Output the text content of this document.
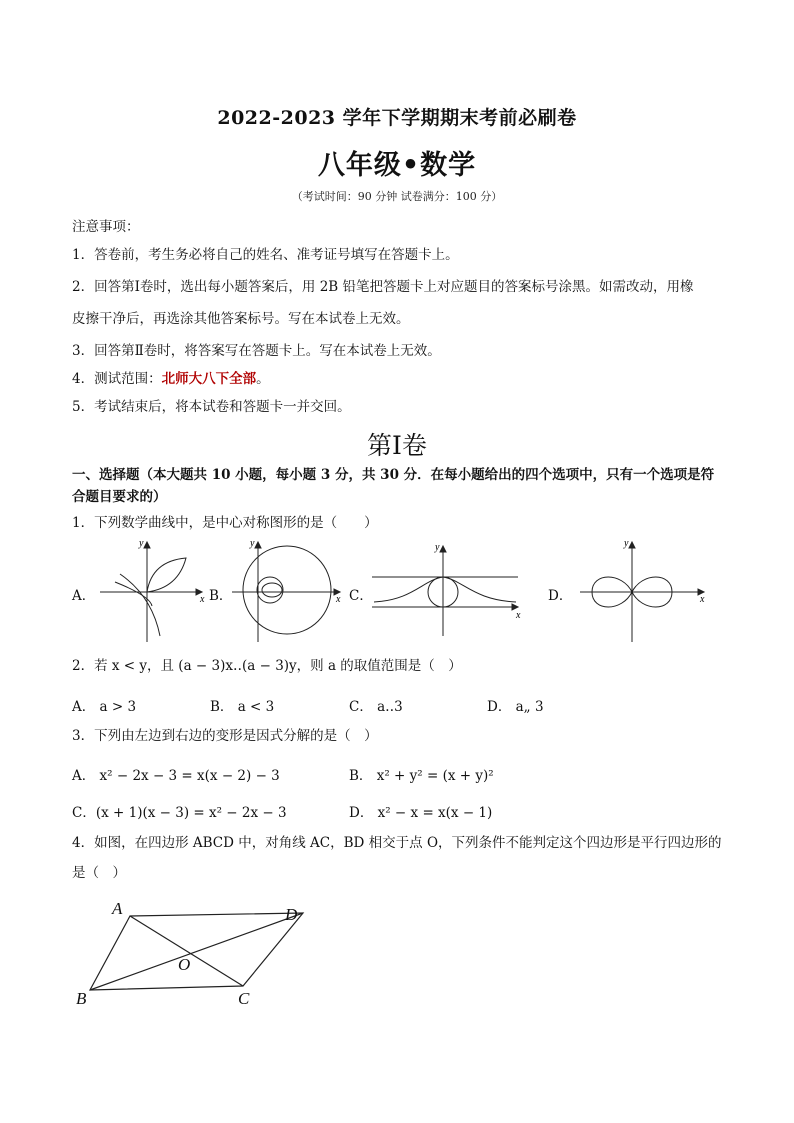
2022-2023 学年下学期期末考前必刷卷
八年级•数学
（考试时间：90 分钟 试卷满分：100 分）
注意事项：
1．答卷前，考生务必将自己的姓名、准考证号填写在答题卡上。
2．回答第Ⅰ卷时，选出每小题答案后，用 2B 铅笔把答题卡上对应题目的答案标号涂黑。如需改动，用橡
皮擦干净后，再选涂其他答案标号。写在本试卷上无效。
3．回答第Ⅱ卷时，将答案写在答题卡上。写在本试卷上无效。
4．测试范围：北师大八下全部。
5．考试结束后，将本试卷和答题卡一并交回。
第Ⅰ卷
一、选择题（本大题共 10 小题，每小题 3 分，共 30 分．在每小题给出的四个选项中，只有一个选项是符
合题目要求的）
1．下列数学曲线中，是中心对称图形的是（　　）
A．	B．	C．	D．
y
x
y
x
y
x
y
x
2．若 x < y，且 (a − 3)x‥(a − 3)y，则 a 的取值范围是（　）
A． a > 3	B． a < 3	C． a‥3	D． a„ 3
3．下列由左边到右边的变形是因式分解的是（　）
A． x² − 2x − 3 = x(x − 2) − 3	B． x² + y² = (x + y)²
C．(x + 1)(x − 3) = x² − 2x − 3	D． x² − x = x(x − 1)
4．如图，在四边形 ABCD 中，对角线 AC，BD 相交于点 O，下列条件不能判定这个四边形是平行四边形的
是（　）
A
B	C
D
O
